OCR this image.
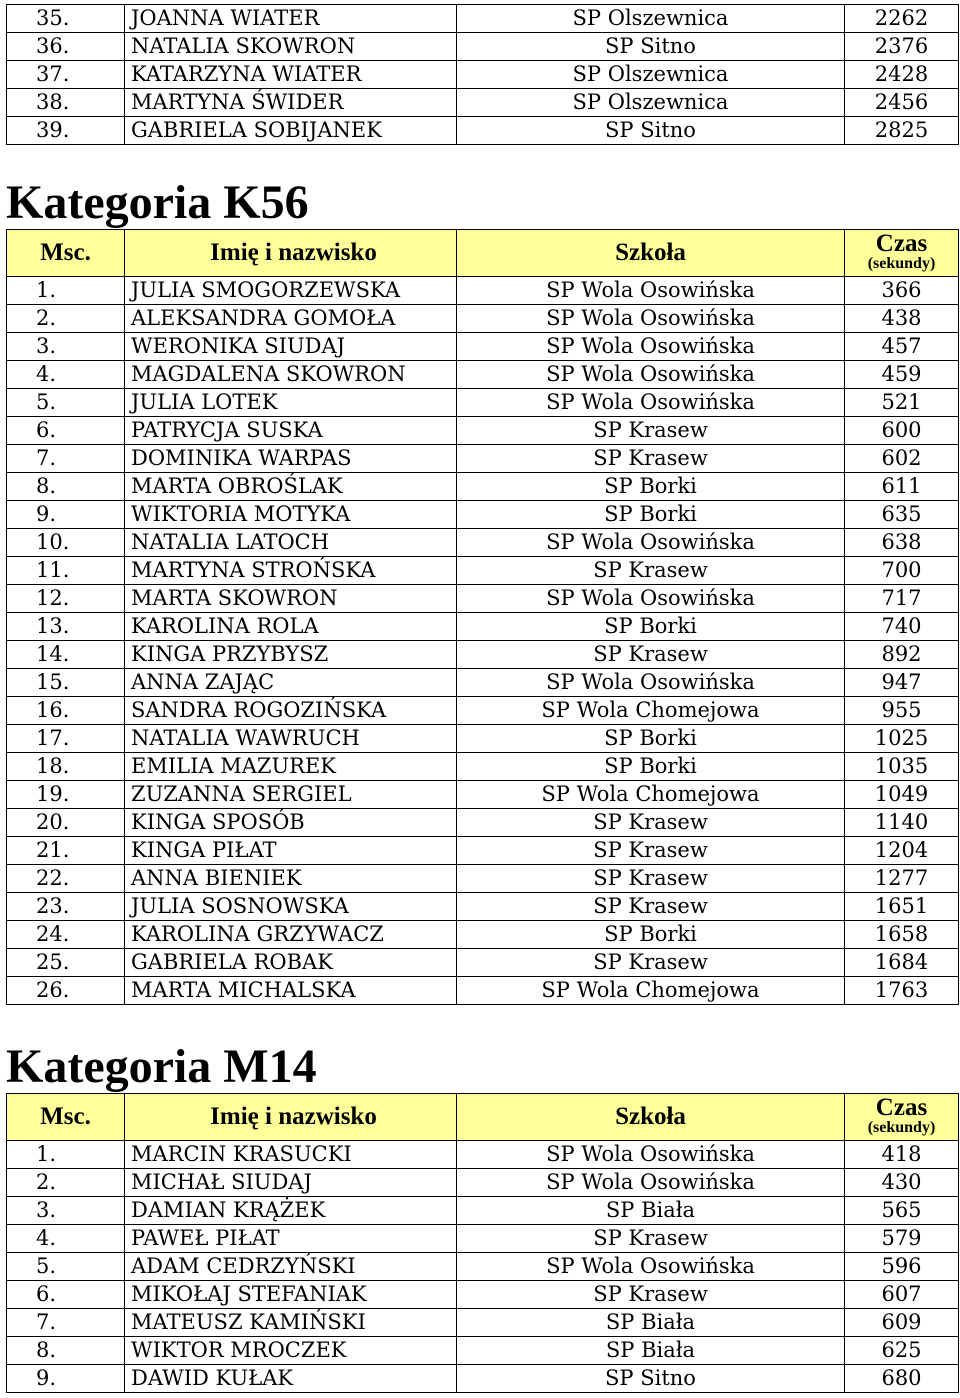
35.	JOANNA WIATER	SP Olszewnica	2262
36.	NATALIA SKOWRON	SP Sitno	2376
37.	KATARZYNA WIATER	SP Olszewnica	2428
38.	MARTYNA ŚWIDER	SP Olszewnica	2456
39.	GABRIELA SOBIJANEK	SP Sitno	2825
Kategoria K56
Msc.	Imię i nazwisko	Szkoła	Czas
(sekundy)

1.	JULIA SMOGORZEWSKA	SP Wola Osowińska	366
2.	ALEKSANDRA GOMOŁA	SP Wola Osowińska	438
3.	WERONIKA SIUDAJ	SP Wola Osowińska	457
4.	MAGDALENA SKOWRON	SP Wola Osowińska	459
5.	JULIA LOTEK	SP Wola Osowińska	521
6.	PATRYCJA SUSKA	SP Krasew	600
7.	DOMINIKA WARPAS	SP Krasew	602
8.	MARTA OBROŚLAK	SP Borki	611
9.	WIKTORIA MOTYKA	SP Borki	635
10.	NATALIA LATOCH	SP Wola Osowińska	638
11.	MARTYNA STROŃSKA	SP Krasew	700
12.	MARTA SKOWRON	SP Wola Osowińska	717
13.	KAROLINA ROLA	SP Borki	740
14.	KINGA PRZYBYSZ	SP Krasew	892
15.	ANNA ZAJĄC	SP Wola Osowińska	947
16.	SANDRA ROGOZIŃSKA	SP Wola Chomejowa	955
17.	NATALIA WAWRUCH	SP Borki	1025
18.	EMILIA MAZUREK	SP Borki	1035
19.	ZUZANNA SERGIEL	SP Wola Chomejowa	1049
20.	KINGA SPOSÓB	SP Krasew	1140
21.	KINGA PIŁAT	SP Krasew	1204
22.	ANNA BIENIEK	SP Krasew	1277
23.	JULIA SOSNOWSKA	SP Krasew	1651
24.	KAROLINA GRZYWACZ	SP Borki	1658
25.	GABRIELA ROBAK	SP Krasew	1684
26.	MARTA MICHALSKA	SP Wola Chomejowa	1763
Kategoria M14
Msc.	Imię i nazwisko	Szkoła	Czas
(sekundy)

1.	MARCIN KRASUCKI	SP Wola Osowińska	418
2.	MICHAŁ SIUDAJ	SP Wola Osowińska	430
3.	DAMIAN KRĄŻEK	SP Biała	565
4.	PAWEŁ PIŁAT	SP Krasew	579
5.	ADAM CEDRZYŃSKI	SP Wola Osowińska	596
6.	MIKOŁAJ STEFANIAK	SP Krasew	607
7.	MATEUSZ KAMIŃSKI	SP Biała	609
8.	WIKTOR MROCZEK	SP Biała	625
9.	DAWID KUŁAK	SP Sitno	680
